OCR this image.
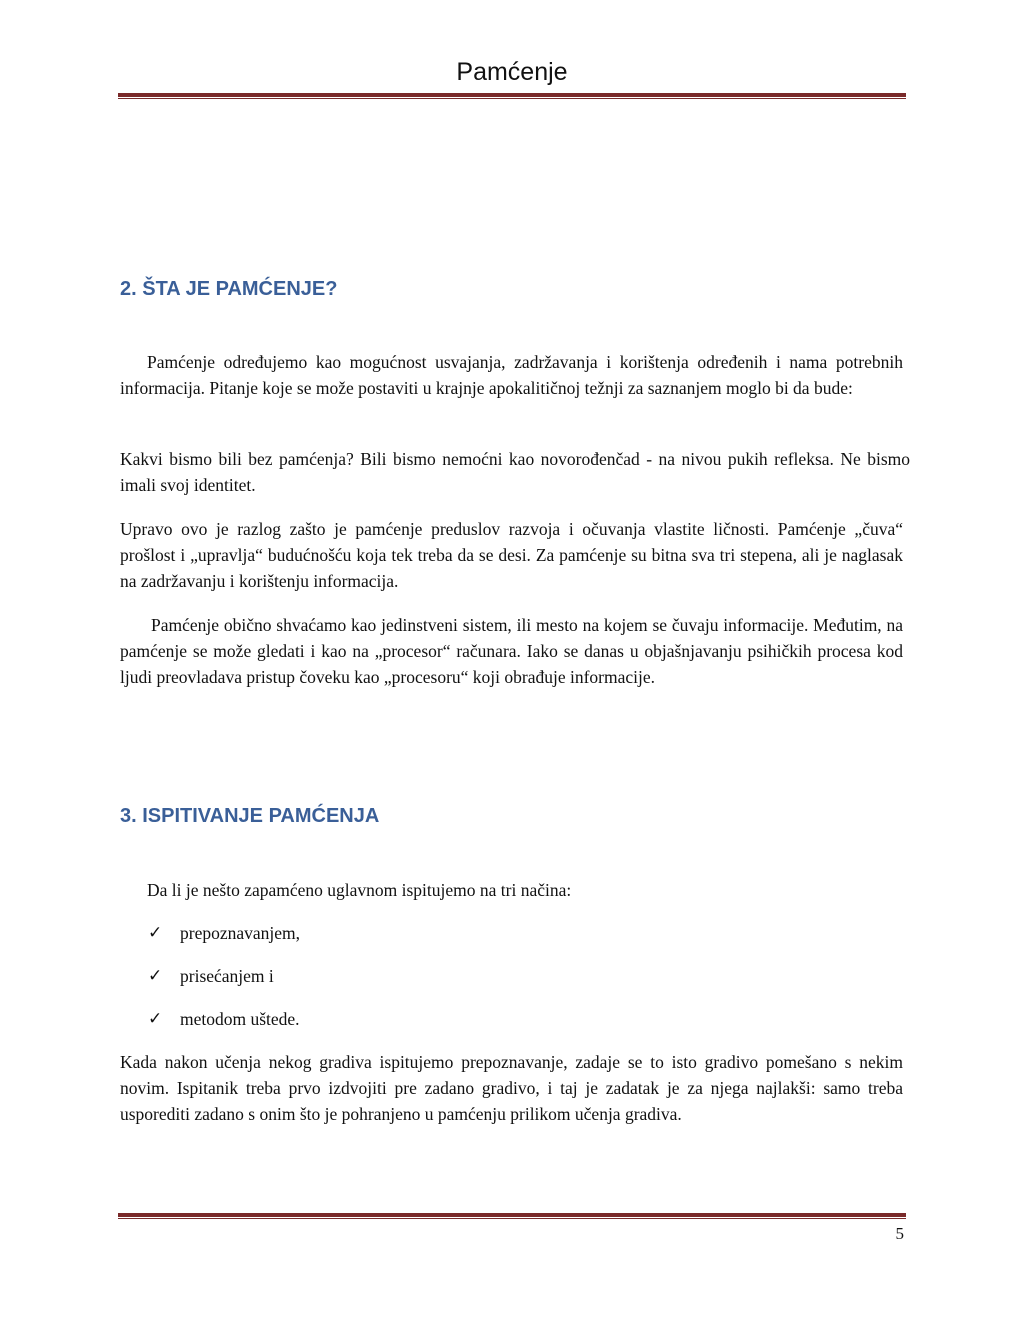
Pamćenje
2. ŠTA JE PAMĆENJE?

Pamćenje određujemo kao mogućnost usvajanja, zadržavanja i korištenja određenih i nama potrebnih informacija. Pitanje koje se može postaviti u krajnje apokalitičnoj težnji za saznanjem moglo bi da bude:

Kakvi bismo bili bez pamćenja? Bili bismo nemoćni kao novorođenčad - na nivou pukih refleksa. Ne bismo imali svoj identitet.

Upravo ovo je razlog zašto je pamćenje preduslov razvoja i očuvanja vlastite ličnosti. Pamćenje „čuva“ prošlost i „upravlja“ budućnošću koja tek treba da se desi. Za pamćenje su bitna sva tri stepena, ali je naglasak na zadržavanju i korištenju informacija.

Pamćenje obično shvaćamo kao jedinstveni sistem, ili mesto na kojem se čuvaju informacije. Međutim, na pamćenje se može gledati i kao na „procesor“ računara. Iako se danas u objašnjavanju psihičkih procesa kod ljudi preovladava pristup čoveku kao „procesoru“ koji obrađuje informacije.

3. ISPITIVANJE PAMĆENJA

Da li je nešto zapamćeno uglavnom ispitujemo na tri načina:

✓	prepoznavanjem,
✓	prisećanjem i
✓	metodom uštede.

Kada nakon učenja nekog gradiva ispitujemo prepoznavanje, zadaje se to isto gradivo pomešano s nekim novim. Ispitanik treba prvo izdvojiti pre zadano gradivo, i taj je zadatak je za njega najlakši: samo treba usporediti zadano s onim što je pohranjeno u pamćenju prilikom učenja gradiva.

5
